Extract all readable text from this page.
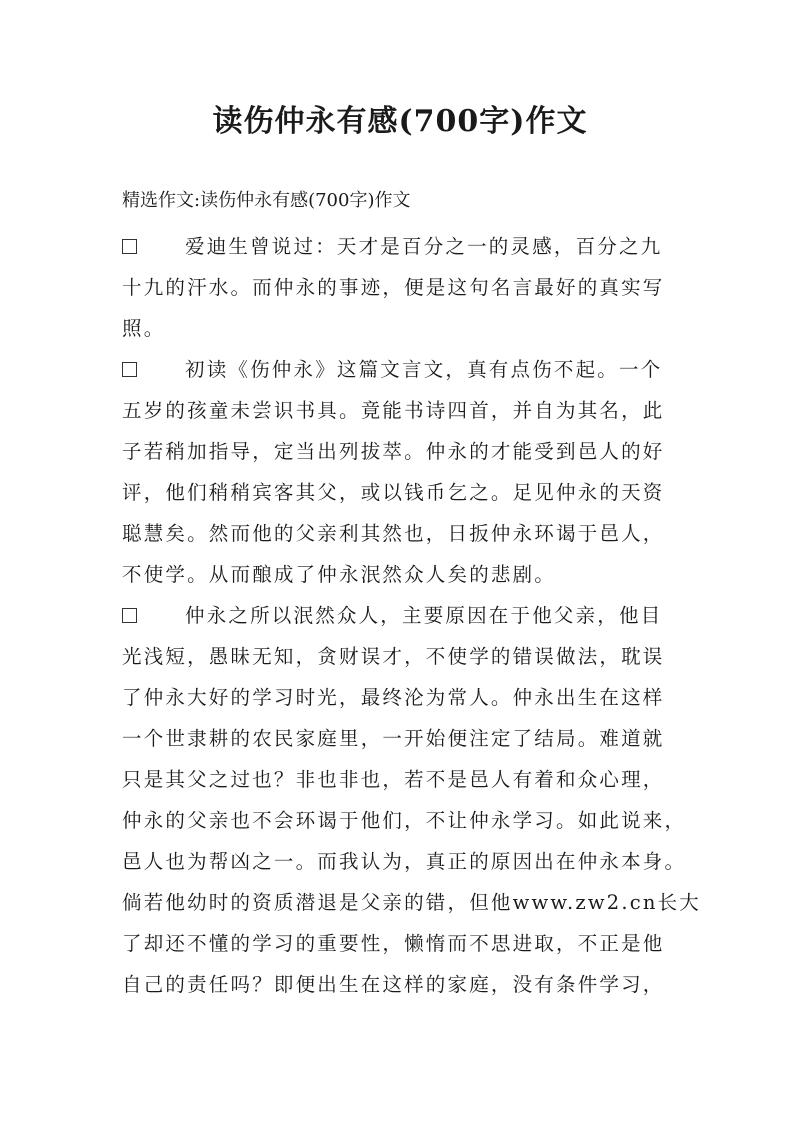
读伤仲永有感(700字)作文
精选作文:读伤仲永有感(700字)作文
爱迪生曾说过：天才是百分之一的灵感，百分之九
十九的汗水。而仲永的事迹，便是这句名言最好的真实写
照。
初读《伤仲永》这篇文言文，真有点伤不起。一个
五岁的孩童未尝识书具。竟能书诗四首，并自为其名，此
子若稍加指导，定当出列拔萃。仲永的才能受到邑人的好
评，他们稍稍宾客其父，或以钱币乞之。足见仲永的天资
聪慧矣。然而他的父亲利其然也，日扳仲永环谒于邑人，
不使学。从而酿成了仲永泯然众人矣的悲剧。
仲永之所以泯然众人，主要原因在于他父亲，他目
光浅短，愚昧无知，贪财误才，不使学的错误做法，耽误
了仲永大好的学习时光，最终沦为常人。仲永出生在这样
一个世隶耕的农民家庭里，一开始便注定了结局。难道就
只是其父之过也？非也非也，若不是邑人有着和众心理，
仲永的父亲也不会环谒于他们，不让仲永学习。如此说来，
邑人也为帮凶之一。而我认为，真正的原因出在仲永本身。
倘若他幼时的资质潜退是父亲的错，但他www.zw2.cn长大
了却还不懂的学习的重要性，懒惰而不思进取，不正是他
自己的责任吗？即便出生在这样的家庭，没有条件学习，
